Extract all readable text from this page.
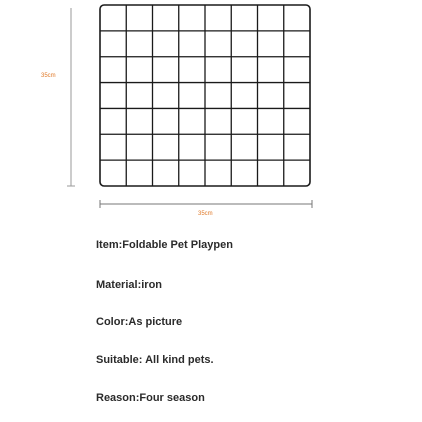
35cm
35cm
Item:Foldable Pet Playpen
Material:iron
Color:As picture
Suitable: All kind pets.
Reason:Four season
